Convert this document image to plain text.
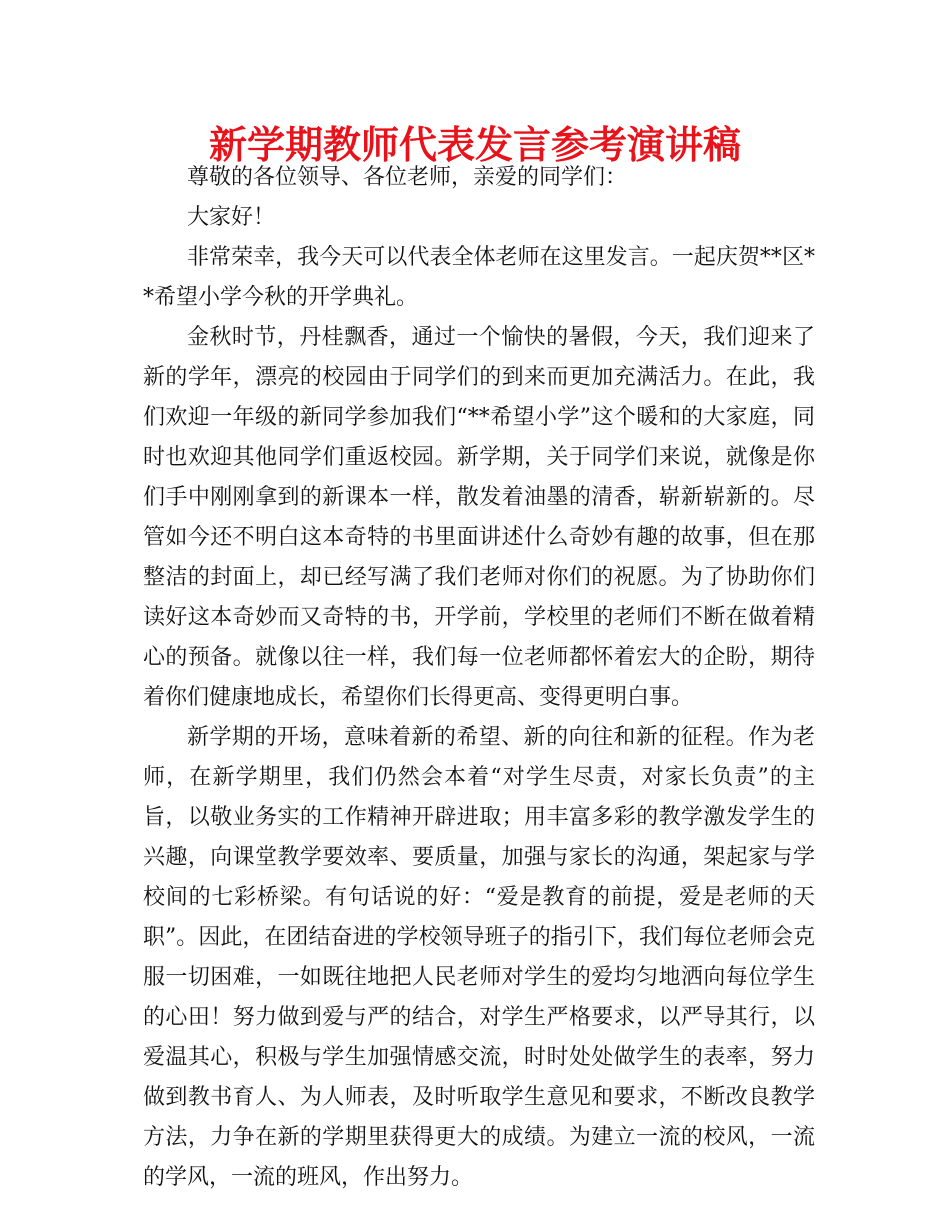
新学期教师代表发言参考演讲稿

尊敬的各位领导、各位老师，亲爱的同学们：

大家好！

非常荣幸，我今天可以代表全体老师在这里发言。一起庆贺**区**希望小学今秋的开学典礼。

金秋时节，丹桂飘香，通过一个愉快的暑假，今天，我们迎来了新的学年，漂亮的校园由于同学们的到来而更加充满活力。在此，我们欢迎一年级的新同学参加我们“**希望小学”这个暖和的大家庭，同时也欢迎其他同学们重返校园。新学期，关于同学们来说，就像是你们手中刚刚拿到的新课本一样，散发着油墨的清香，崭新崭新的。尽管如今还不明白这本奇特的书里面讲述什么奇妙有趣的故事，但在那整洁的封面上，却已经写满了我们老师对你们的祝愿。为了协助你们读好这本奇妙而又奇特的书，开学前，学校里的老师们不断在做着精心的预备。就像以往一样，我们每一位老师都怀着宏大的企盼，期待着你们健康地成长，希望你们长得更高、变得更明白事。

新学期的开场，意味着新的希望、新的向往和新的征程。作为老师，在新学期里，我们仍然会本着“对学生尽责，对家长负责”的主旨，以敬业务实的工作精神开辟进取；用丰富多彩的教学激发学生的兴趣，向课堂教学要效率、要质量，加强与家长的沟通，架起家与学校间的七彩桥梁。有句话说的好：“爱是教育的前提，爱是老师的天职”。因此，在团结奋进的学校领导班子的指引下，我们每位老师会克服一切困难，一如既往地把人民老师对学生的爱均匀地洒向每位学生的心田！努力做到爱与严的结合，对学生严格要求，以严导其行，以爱温其心，积极与学生加强情感交流，时时处处做学生的表率，努力做到教书育人、为人师表，及时听取学生意见和要求，不断改良教学方法，力争在新的学期里获得更大的成绩。为建立一流的校风，一流的学风，一流的班风，作出努力。
